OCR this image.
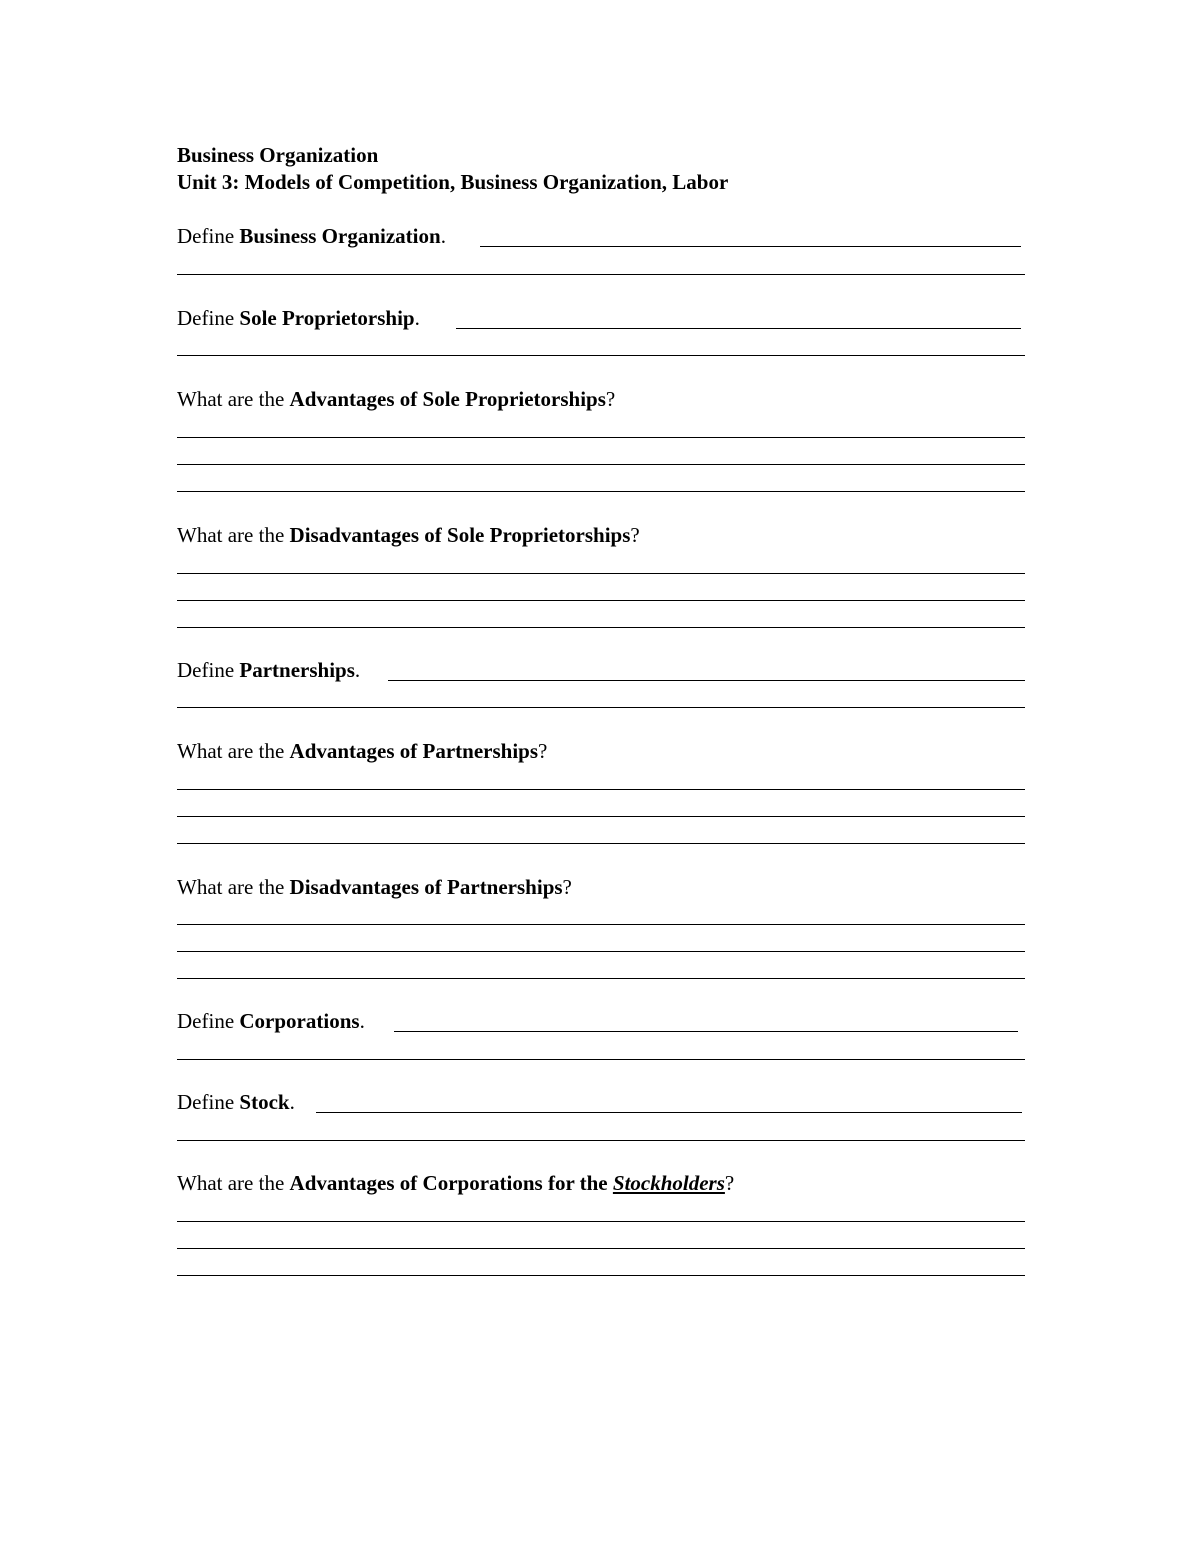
Business Organization
Unit 3: Models of Competition, Business Organization, Labor
Define Business Organization.
Define Sole Proprietorship.
What are the Advantages of Sole Proprietorships?
What are the Disadvantages of Sole Proprietorships?
Define Partnerships.
What are the Advantages of Partnerships?
What are the Disadvantages of Partnerships?
Define Corporations.
Define Stock.
What are the Advantages of Corporations for the Stockholders?
